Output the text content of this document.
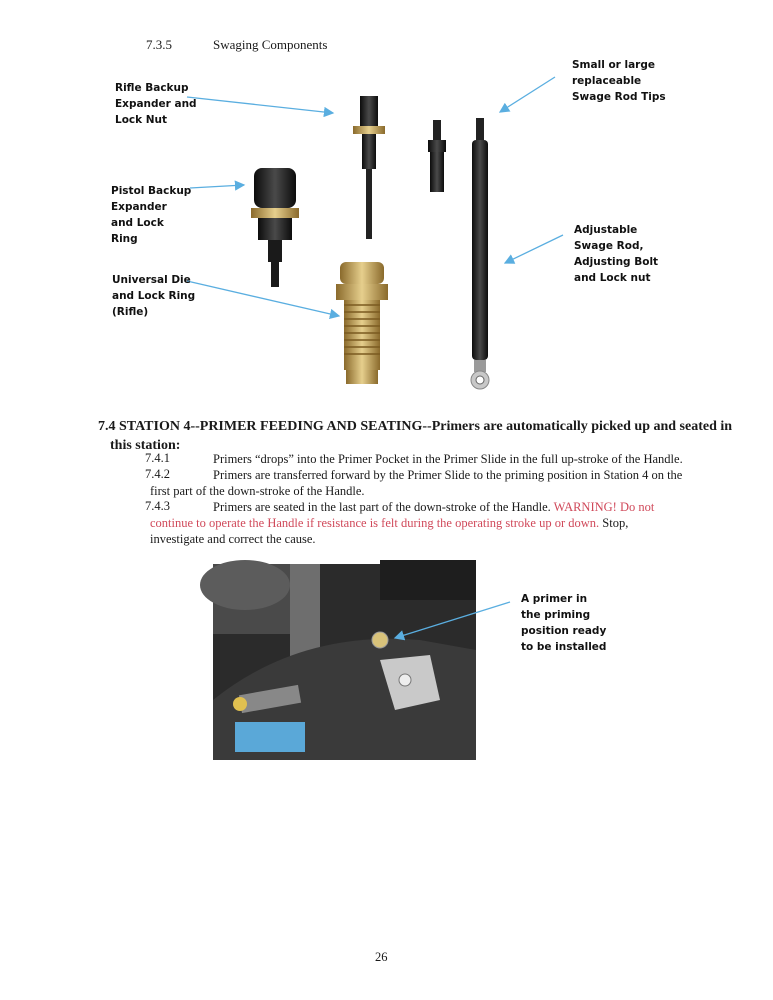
7.3.5	Swaging Components
Rifle Backup
Expander and
Lock Nut
Pistol Backup
Expander
and Lock
Ring
Universal Die
and Lock Ring
(Rifle)
Small or large
replaceable
Swage Rod Tips
Adjustable
Swage Rod,
Adjusting Bolt
and Lock nut
7.4 STATION 4--PRIMER FEEDING AND SEATING--Primers are automatically picked up and seated in
this station:
7.4.1	Primers “drops” into the Primer Pocket in the Primer Slide in the full up-stroke of the Handle.
7.4.2	Primers are transferred forward by the Primer Slide to the priming position in Station 4 on the
first part of the down-stroke of the Handle.
7.4.3	Primers are seated in the last part of the down-stroke of the Handle. WARNING! Do not
continue to operate the Handle if resistance is felt during the operating stroke up or down. Stop,
investigate and correct the cause.
A primer in
the priming
position ready
to be installed
26
